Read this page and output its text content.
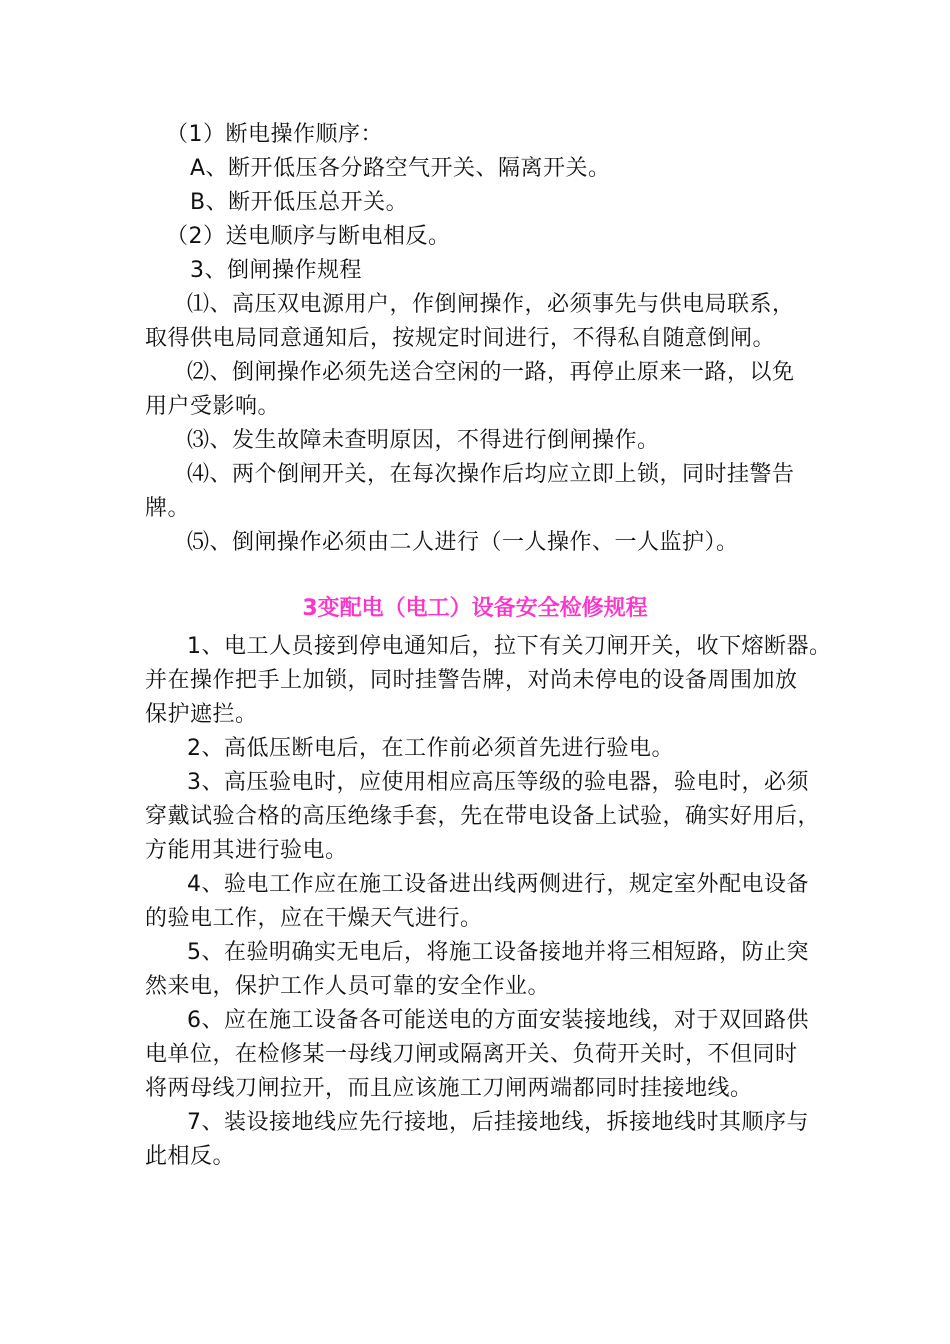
（1）断电操作顺序：
A、断开低压各分路空气开关、隔离开关。
B、断开低压总开关。
（2）送电顺序与断电相反。
3、倒闸操作规程
⑴、高压双电源用户，作倒闸操作，必须事先与供电局联系，
取得供电局同意通知后，按规定时间进行，不得私自随意倒闸。
⑵、倒闸操作必须先送合空闲的一路，再停止原来一路，以免
用户受影响。
⑶、发生故障未查明原因，不得进行倒闸操作。
⑷、两个倒闸开关，在每次操作后均应立即上锁，同时挂警告
牌。
⑸、倒闸操作必须由二人进行（一人操作、一人监护）。
3变配电（电工）设备安全检修规程
1、电工人员接到停电通知后，拉下有关刀闸开关，收下熔断器。
并在操作把手上加锁，同时挂警告牌，对尚未停电的设备周围加放
保护遮拦。
2、高低压断电后，在工作前必须首先进行验电。
3、高压验电时，应使用相应高压等级的验电器，验电时，必须
穿戴试验合格的高压绝缘手套，先在带电设备上试验，确实好用后，
方能用其进行验电。
4、验电工作应在施工设备进出线两侧进行，规定室外配电设备
的验电工作，应在干燥天气进行。
5、在验明确实无电后，将施工设备接地并将三相短路，防止突
然来电，保护工作人员可靠的安全作业。
6、应在施工设备各可能送电的方面安装接地线，对于双回路供
电单位，在检修某一母线刀闸或隔离开关、负荷开关时，不但同时
将两母线刀闸拉开，而且应该施工刀闸两端都同时挂接地线。
7、装设接地线应先行接地，后挂接地线，拆接地线时其顺序与
此相反。
